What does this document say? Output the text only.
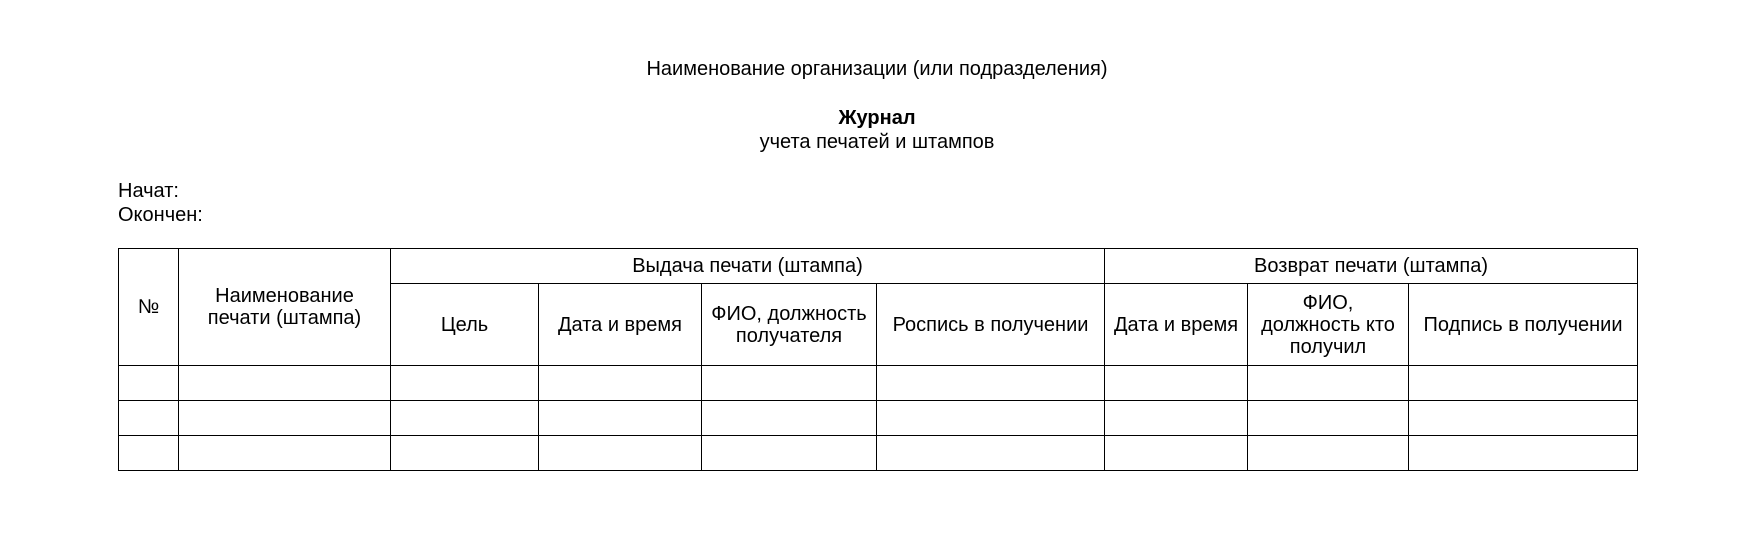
Наименование организации (или подразделения)
Журнал
учета печатей и штампов
Начат:
Окончен:
№	Наименование печати (штампа)	Выдача печати (штампа)				Возврат печати (штампа)		
		Цель	Дата и время	ФИО, должность получателя	Роспись в получении	Дата и время	ФИО, должность кто получил	Подпись в получении
